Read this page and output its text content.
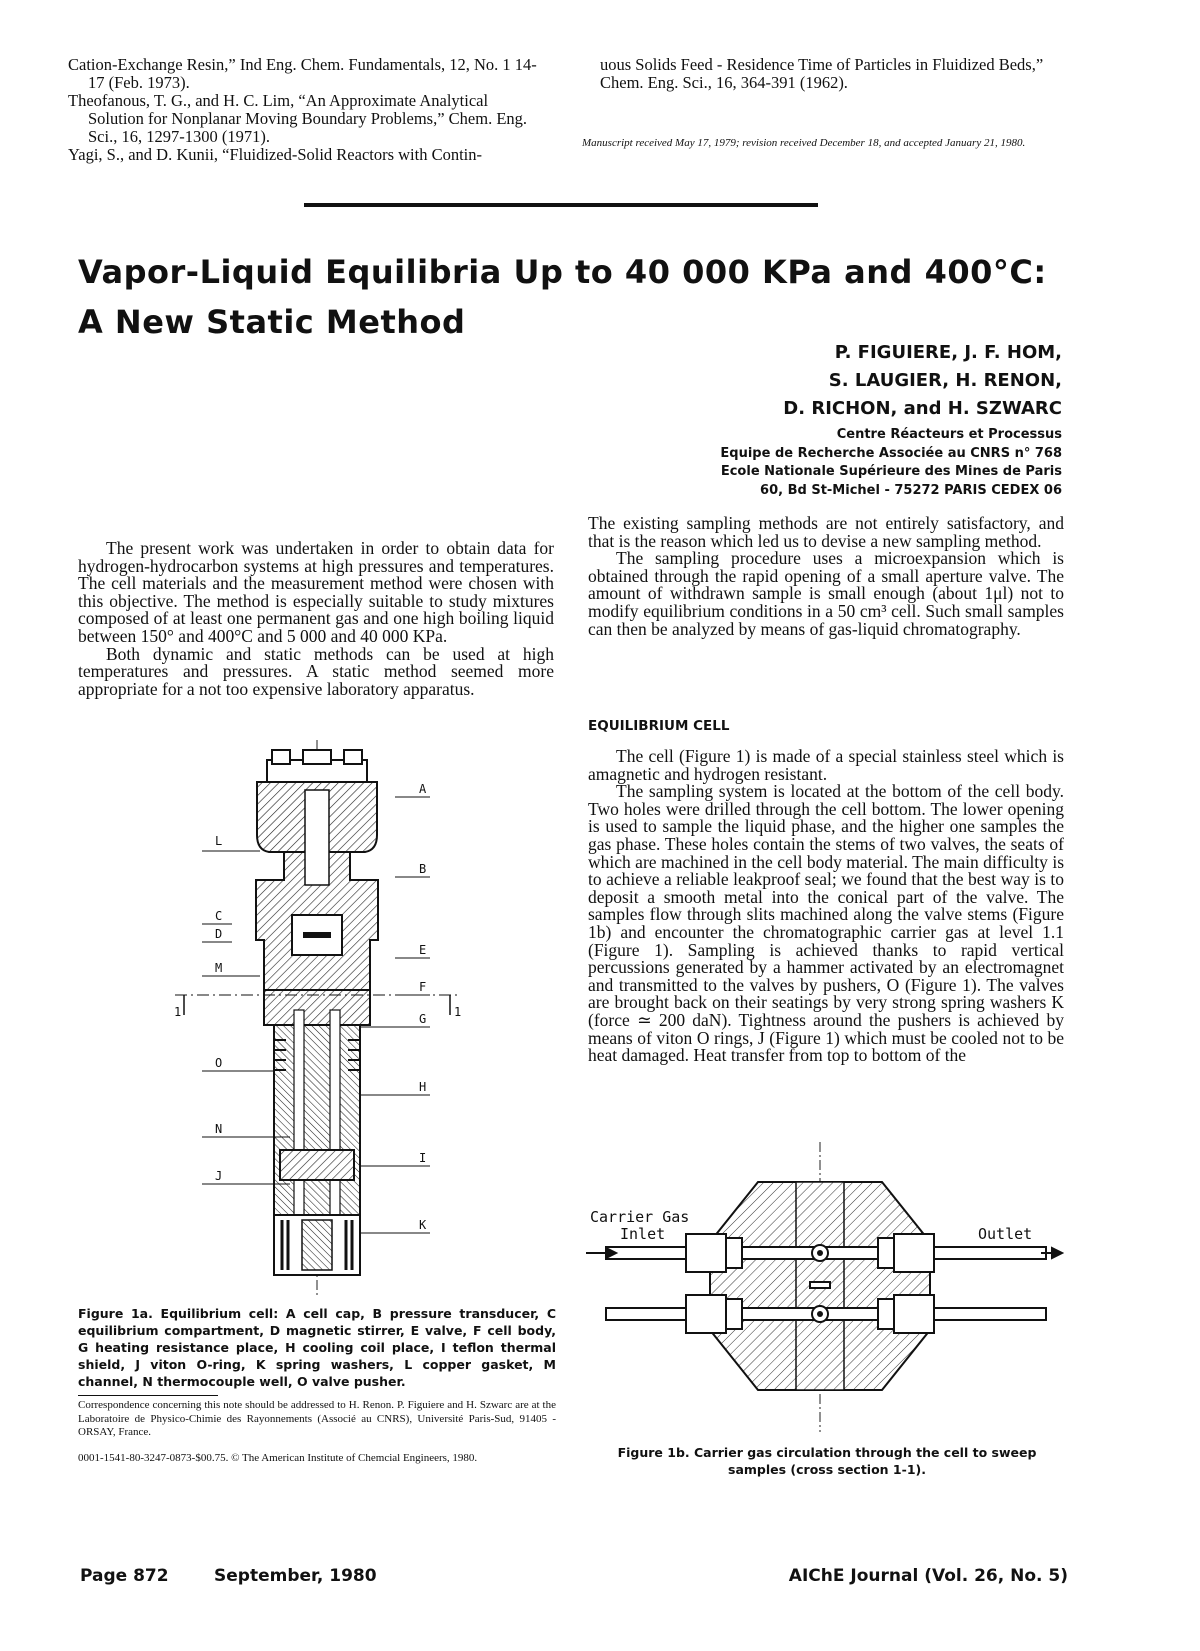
Cation-Exchange Resin,” Ind Eng. Chem. Fundamentals, 12, No. 1 14-17 (Feb. 1973).

Theofanous, T. G., and H. C. Lim, “An Approximate Analytical Solution for Nonplanar Moving Boundary Problems,” Chem. Eng. Sci., 16, 1297-1300 (1971).

Yagi, S., and D. Kunii, “Fluidized-Solid Reactors with Contin-

uous Solids Feed - Residence Time of Particles in Fluidized Beds,” Chem. Eng. Sci., 16, 364-391 (1962).

Manuscript received May 17, 1979; revision received December 18, and accepted January 21, 1980.
Vapor-Liquid Equilibria Up to 40 000 KPa and 400°C: A New Static Method
P. FIGUIERE, J. F. HOM,
S. LAUGIER, H. RENON,
D. RICHON, and H. SZWARC
Centre Réacteurs et Processus
Equipe de Recherche Associée au CNRS n° 768
Ecole Nationale Supérieure des Mines de Paris
60, Bd St-Michel - 75272 PARIS CEDEX 06

The present work was undertaken in order to obtain data for hydrogen-hydrocarbon systems at high pressures and temperatures. The cell materials and the measurement method were chosen with this objective. The method is especially suitable to study mixtures composed of at least one permanent gas and one high boiling liquid between 150° and 400°C and 5 000 and 40 000 KPa.

Both dynamic and static methods can be used at high temperatures and pressures. A static method seemed more appropriate for a not too expensive laboratory apparatus.

The existing sampling methods are not entirely satisfactory, and that is the reason which led us to devise a new sampling method.

The sampling procedure uses a microexpansion which is obtained through the rapid opening of a small aperture valve. The amount of withdrawn sample is small enough (about 1μl) not to modify equilibrium conditions in a 50 cm³ cell. Such small samples can then be analyzed by means of gas-liquid chromatography.

EQUILIBRIUM CELL

The cell (Figure 1) is made of a special stainless steel which is amagnetic and hydrogen resistant.

The sampling system is located at the bottom of the cell body. Two holes were drilled through the cell bottom. The lower opening is used to sample the liquid phase, and the higher one samples the gas phase. These holes contain the stems of two valves, the seats of which are machined in the cell body material. The main difficulty is to achieve a reliable leakproof seal; we found that the best way is to deposit a smooth metal into the conical part of the valve. The samples flow through slits machined along the valve stems (Figure 1b) and encounter the chromatographic carrier gas at level 1.1 (Figure 1). Sampling is achieved thanks to rapid vertical percussions generated by a hammer activated by an electromagnet and transmitted to the valves by pushers, O (Figure 1). The valves are brought back on their seatings by very strong spring washers K (force ≃ 200 daN). Tightness around the pushers is achieved by means of viton O rings, J (Figure 1) which must be cooled not to be heat damaged. Heat transfer from top to bottom of the

A
B
L
C
D
M
E
F
G
O
H
N
I
J
K
1	1
Figure 1a. Equilibrium cell: A cell cap, B pressure transducer, C equilibrium compartment, D magnetic stirrer, E valve, F cell body, G heating resistance place, H cooling coil place, I teflon thermal shield, J viton O-ring, K spring washers, L copper gasket, M channel, N thermocouple well, O valve pusher.
Correspondence concerning this note should be addressed to H. Renon. P. Figuiere and H. Szwarc are at the Laboratoire de Physico-Chimie des Rayonnements (Associé au CNRS), Université Paris-Sud, 91405 - ORSAY, France.
0001-1541-80-3247-0873-$00.75. © The American Institute of Chemcial Engineers, 1980.
Carrier Gas
Inlet	Outlet
Figure 1b. Carrier gas circulation through the cell to sweep samples (cross section 1-1).
Page 872	September, 1980	AIChE Journal (Vol. 26, No. 5)
